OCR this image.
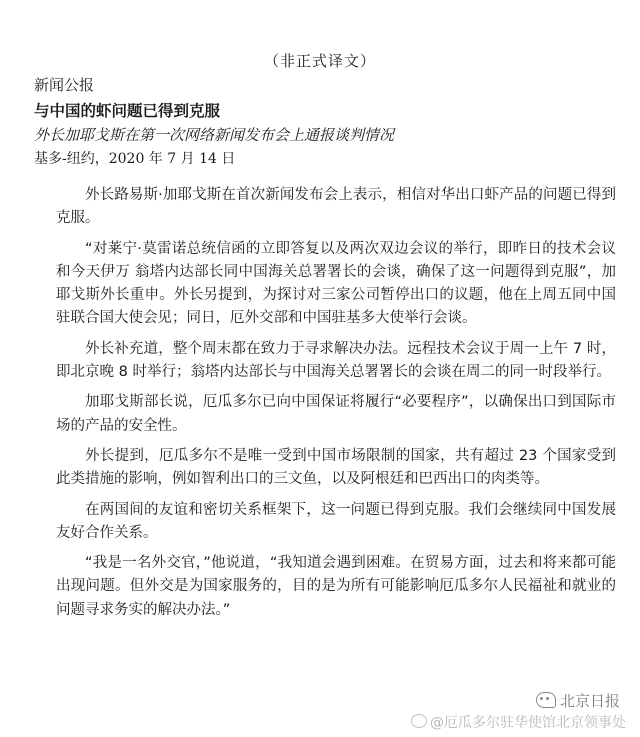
（非正式译文）
新闻公报
与中国的虾问题已得到克服
外长加耶戈斯在第一次网络新闻发布会上通报谈判情况
基多-纽约，2020 年 7 月 14 日

外长路易斯·加耶戈斯在首次新闻发布会上表示，相信对华出口虾产品的问题已得到克服。

“对莱宁·莫雷诺总统信函的立即答复以及两次双边会议的举行，即昨日的技术会议和今天伊万 翁塔内达部长同中国海关总署署长的会谈，确保了这一问题得到克服”，加耶戈斯外长重申。外长另提到，为探讨对三家公司暂停出口的议题，他在上周五同中国驻联合国大使会见；同日，厄外交部和中国驻基多大使举行会谈。

外长补充道，整个周末都在致力于寻求解决办法。远程技术会议于周一上午 7 时，即北京晚 8 时举行；翁塔内达部长与中国海关总署署长的会谈在周二的同一时段举行。

加耶戈斯部长说，厄瓜多尔已向中国保证将履行“必要程序”，以确保出口到国际市场的产品的安全性。

外长提到，厄瓜多尔不是唯一受到中国市场限制的国家，共有超过 23 个国家受到此类措施的影响，例如智利出口的三文鱼，以及阿根廷和巴西出口的肉类等。

在两国间的友谊和密切关系框架下，这一问题已得到克服。我们会继续同中国发展友好合作关系。

“我是一名外交官，”他说道，“我知道会遇到困难。在贸易方面，过去和将来都可能出现问题。但外交是为国家服务的，目的是为所有可能影响厄瓜多尔人民福祉和就业的问题寻求务实的解决办法。”

北京日报
@厄瓜多尔驻华使馆北京领事处
